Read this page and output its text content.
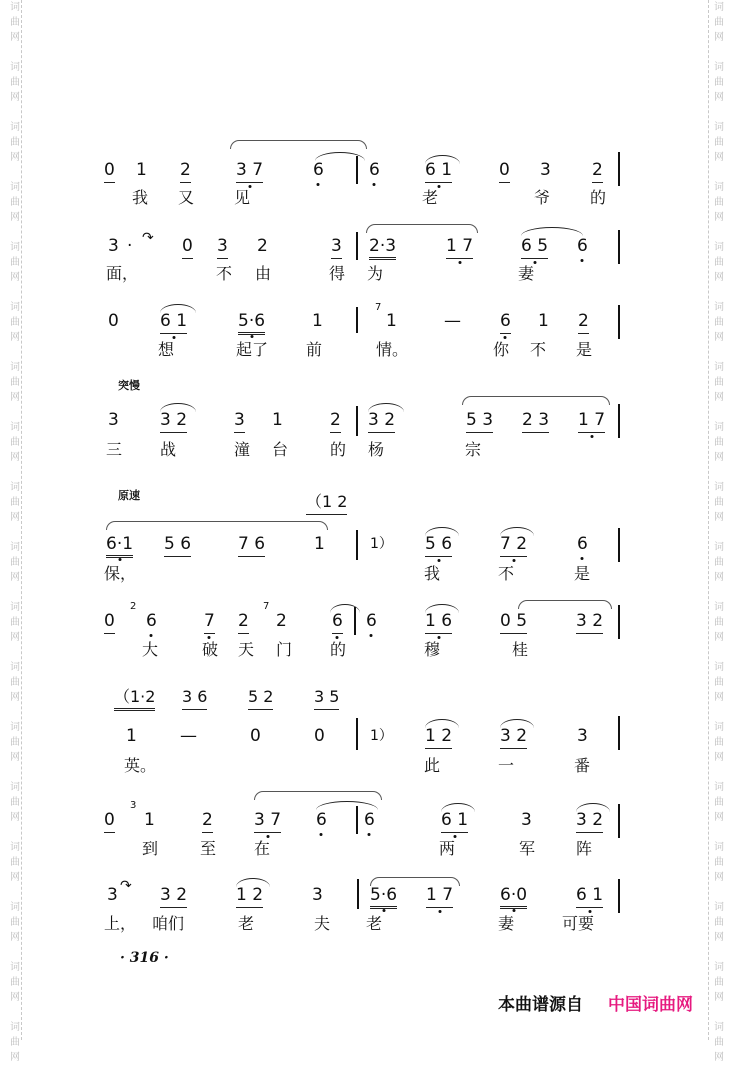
词
曲
网
词
曲
网
词
曲
网
词
曲
网
词
曲
网
词
曲
网
词
曲
网
词
曲
网
词
曲
网
词
曲
网
词
曲
网
词
曲
网
词
曲
网
词
曲
网
词
曲
网
词
曲
网
词
曲
网
词
曲
网
词
曲
网
词
曲
网
词
曲
网
词
曲
网
词
曲
网
词
曲
网
词
曲
网
词
曲
网
词
曲
网
词
曲
网
词
曲
网
词
曲
网
词
曲
网
词
曲
网
词
曲
网
词
曲
网
词
曲
网
词
曲
网
0 1 2	3 7	6	6	6 1	0 3 2
我 又 见	老	爷 的
3 · ↷ 0 3 2	3 2·3	1 7	6 5 6
面，	不 由	得 为	妻
0 6 1	5·6	1
7
1	— 6 1 2
想	起了 前	情。	你 不 是
突慢
3 3 2	3 1	2 3 2	5 3 2 3 1 7
三 战	潼 台	的 杨	宗
原速	（1 2
6·1 5 6	7 6	1	1） 5 6	7 2	6
保，	我	不	是
0
2
6	7 2
7
2	6 6	1 6	0 5	3 2
大	破 天 门 的	穆	桂
（1·2 3 6	5 2	3 5
1	—	0	0	1） 1 2	3 2	3
英。	此	一	番
0
3
1	2 3 7 6 6	6 1	3	3 2
到	至 在	两	军	阵
3 ↷ 3 2	1 2	3	5·6 1 7	6·0	6 1
上， 咱们	老	夫 老	妻	可要
· 316 ·
本曲谱源自 中国词曲网
